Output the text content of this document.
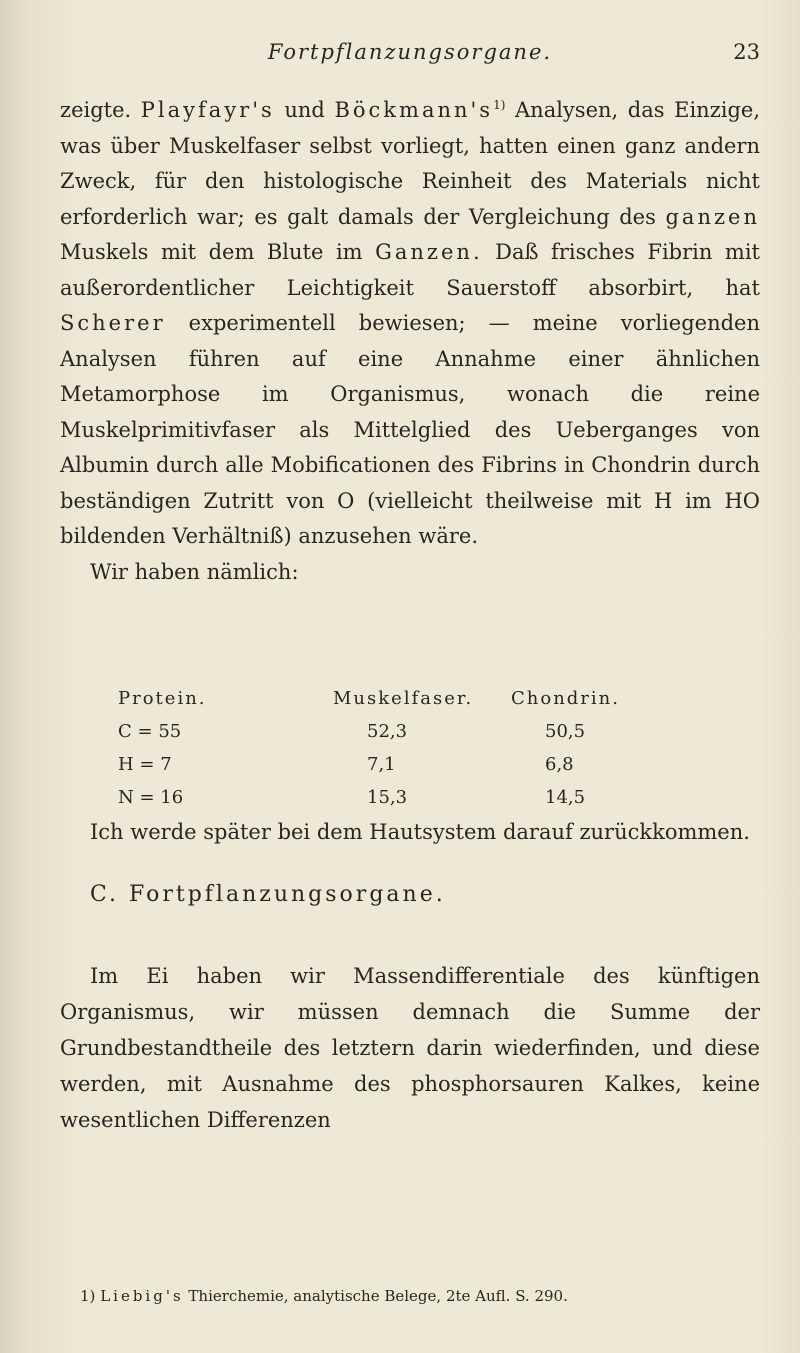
Fortpflanzungsorgane.	23

zeigte. Playfayr's und $Böckmann's^{1)}$ Analysen, das Einzige, was über Muskelfaser selbst vorliegt, hatten einen ganz andern Zweck, für den histologische Reinheit des Materials nicht erforderlich war; es galt damals der Vergleichung des ganzen Muskels mit dem Blute im Ganzen. Daß frisches Fibrin mit außerordentlicher Leichtigkeit Sauerstoff absorbirt, hat Scherer experimentell bewiesen; — meine vorliegenden Analysen führen auf eine Annahme einer ähnlichen Metamorphose im Organismus, wonach die reine Muskelprimitivfaser als Mittelglied des Ueberganges von Albumin durch alle Mobificationen des Fibrins in Chondrin durch beständigen Zutritt von O (vielleicht theilweise mit H im HO bildenden Verhältniß) anzusehen wäre.

Wir haben nämlich:

Protein.	Muskelfaser. Chondrin.
C = 55	52,3	50,5
H = 7	7,1	6,8
N = 16	15,3	14,5
Ich werde später bei dem Hautsystem darauf zurückkommen.
C. Fortpflanzungsorgane.

Im Ei haben wir Massendifferentiale des künftigen Organismus, wir müssen demnach die Summe der Grundbestandtheile des letztern darin wiederfinden, und diese werden, mit Ausnahme des phosphorsauren Kalkes, keine wesentlichen Differenzen

1) Liebig's Thierchemie, analytische Belege, 2te Aufl. S. 290.
